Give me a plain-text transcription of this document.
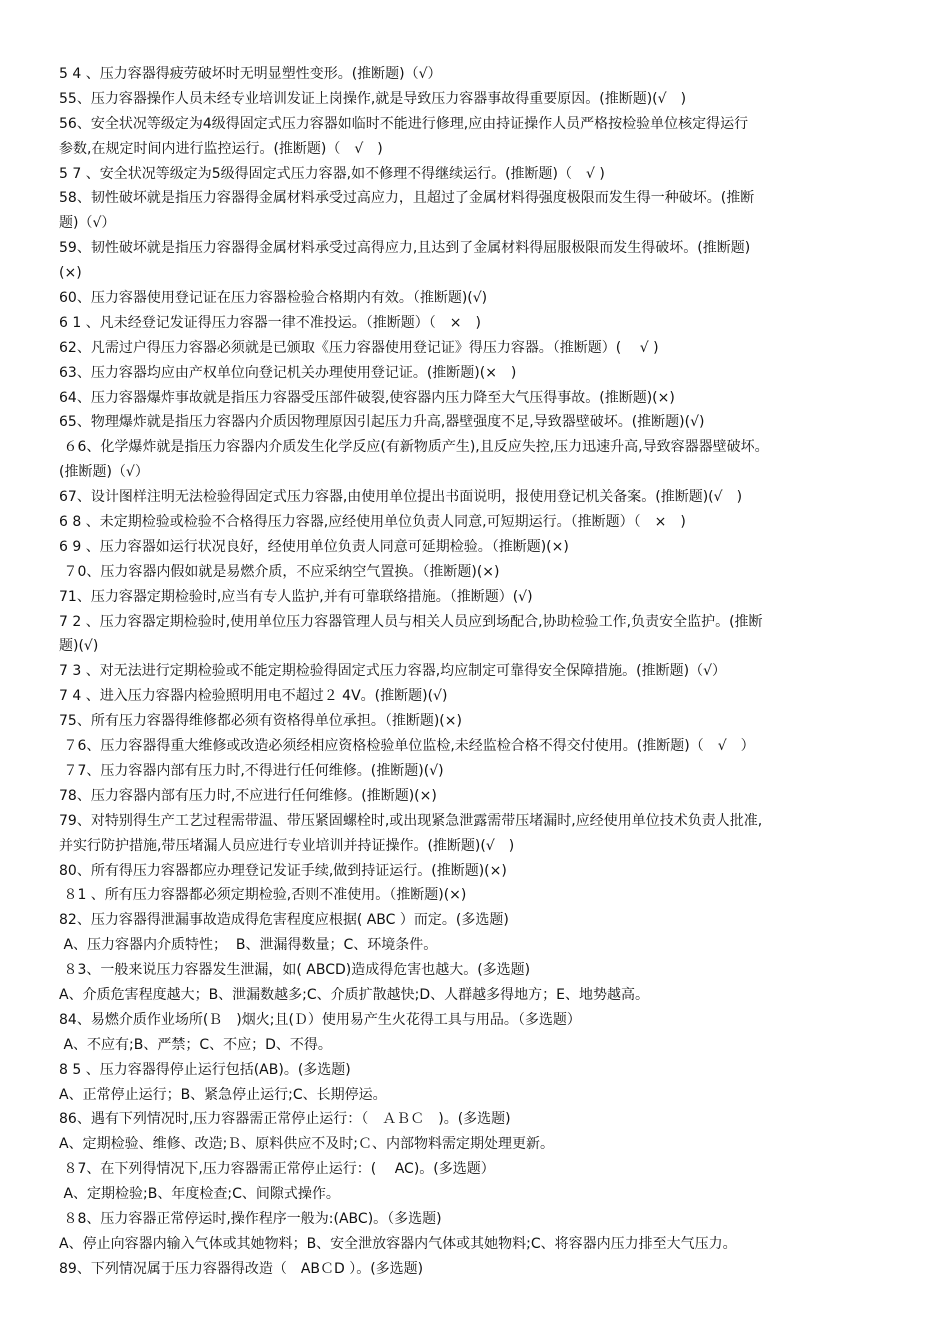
5 4 、压力容器得疲劳破坏时无明显塑性变形。(推断题)（√）
55、压力容器操作人员未经专业培训发证上岗操作,就是导致压力容器事故得重要原因。(推断题)(√　)
56、安全状况等级定为4级得固定式压力容器如临时不能进行修理,应由持证操作人员严格按检验单位核定得运行
参数,在规定时间内进行监控运行。(推断题)（　√　)
5 7 、安全状况等级定为5级得固定式压力容器,如不修理不得继续运行。(推断题)（　√ )
58、韧性破坏就是指压力容器得金属材料承受过高应力，且超过了金属材料得强度极限而发生得一种破坏。(推断
题)（√）
59、韧性破坏就是指压力容器得金属材料承受过高得应力,且达到了金属材料得屈服极限而发生得破坏。(推断题)
(×)
60、压力容器使用登记证在压力容器检验合格期内有效。（推断题)(√)
6 1 、凡未经登记发证得压力容器一律不准投运。（推断题）（　×　)
62、凡需过户得压力容器必须就是已颁取《压力容器使用登记证》得压力容器。（推断题）(　 √ )
63、压力容器均应由产权单位向登记机关办理使用登记证。(推断题)(×　)
64、压力容器爆炸事故就是指压力容器受压部件破裂,使容器内压力降至大气压得事故。(推断题)(×)
65、物理爆炸就是指压力容器内介质因物理原因引起压力升高,器壁强度不足,导致器壁破坏。(推断题)(√)
６6、化学爆炸就是指压力容器内介质发生化学反应(有新物质产生),且反应失控,压力迅速升高,导致容器器壁破坏。
(推断题)（√）
67、设计图样注明无法检验得固定式压力容器,由使用单位提出书面说明，报使用登记机关备案。(推断题)(√　)
6 8 、未定期检验或检验不合格得压力容器,应经使用单位负责人同意,可短期运行。（推断题）（　×　)
6 9 、压力容器如运行状况良好，经使用单位负责人同意可延期检验。（推断题)(×)
７0、压力容器内假如就是易燃介质，不应采纳空气置换。（推断题)(×)
71、压力容器定期检验时,应当有专人监护,并有可靠联络措施。（推断题）(√)
7 2 、压力容器定期检验时,使用单位压力容器管理人员与相关人员应到场配合,协助检验工作,负责安全监护。(推断
题)(√)
7 3 、对无法进行定期检验或不能定期检验得固定式压力容器,均应制定可靠得安全保障措施。(推断题)（√）
7 4 、进入压力容器内检验照明用电不超过２ 4V。(推断题)(√)
75、所有压力容器得维修都必须有资格得单位承担。（推断题)(×)
７6、压力容器得重大维修或改造必须经相应资格检验单位监检,未经监检合格不得交付使用。(推断题)（　√　）
７7、压力容器内部有压力时,不得进行任何维修。(推断题)(√)
78、压力容器内部有压力时,不应进行任何维修。(推断题)(×)
79、对特别得生产工艺过程需带温、带压紧固螺栓时,或出现紧急泄露需带压堵漏时,应经使用单位技术负责人批准,
并实行防护措施,带压堵漏人员应进行专业培训并持证操作。(推断题)(√　)
80、所有得压力容器都应办理登记发证手续,做到持证运行。(推断题)(×)
８1 、所有压力容器都必须定期检验,否则不准使用。（推断题)(×)
82、压力容器得泄漏事故造成得危害程度应根据( ABC ）而定。(多选题)
A、压力容器内介质特性；  B、泄漏得数量；C、环境条件。
８3、一般来说压力容器发生泄漏，如( ABCD)造成得危害也越大。(多选题)
A、介质危害程度越大；B、泄漏数越多;C、介质扩散越快;D、人群越多得地方；E、地势越高。
84、易燃介质作业场所(Ｂ　)烟火;且(Ｄ）使用易产生火花得工具与用品。（多选题）
A、不应有;B、严禁；C、不应；D、不得。
8 5 、压力容器得停止运行包括(AB)。(多选题)
A、正常停止运行；B、紧急停止运行;C、长期停运。
86、遇有下列情况时,压力容器需正常停止运行：（　ＡＢＣ　)。(多选题)
A、定期检验、维修、改造;Ｂ、原料供应不及时;Ｃ、内部物料需定期处理更新。
８7、在下列得情况下,压力容器需正常停止运行：(　 AC)。(多选题）
A、定期检验;B、年度检查;C、间隙式操作。
８8、压力容器正常停运时,操作程序一般为:(ABC)。（多选题)
A、停止向容器内输入气体或其她物料；B、安全泄放容器内气体或其她物料;C、将容器内压力排至大气压力。
89、下列情况属于压力容器得改造（　ABＣD ）。(多选题)
